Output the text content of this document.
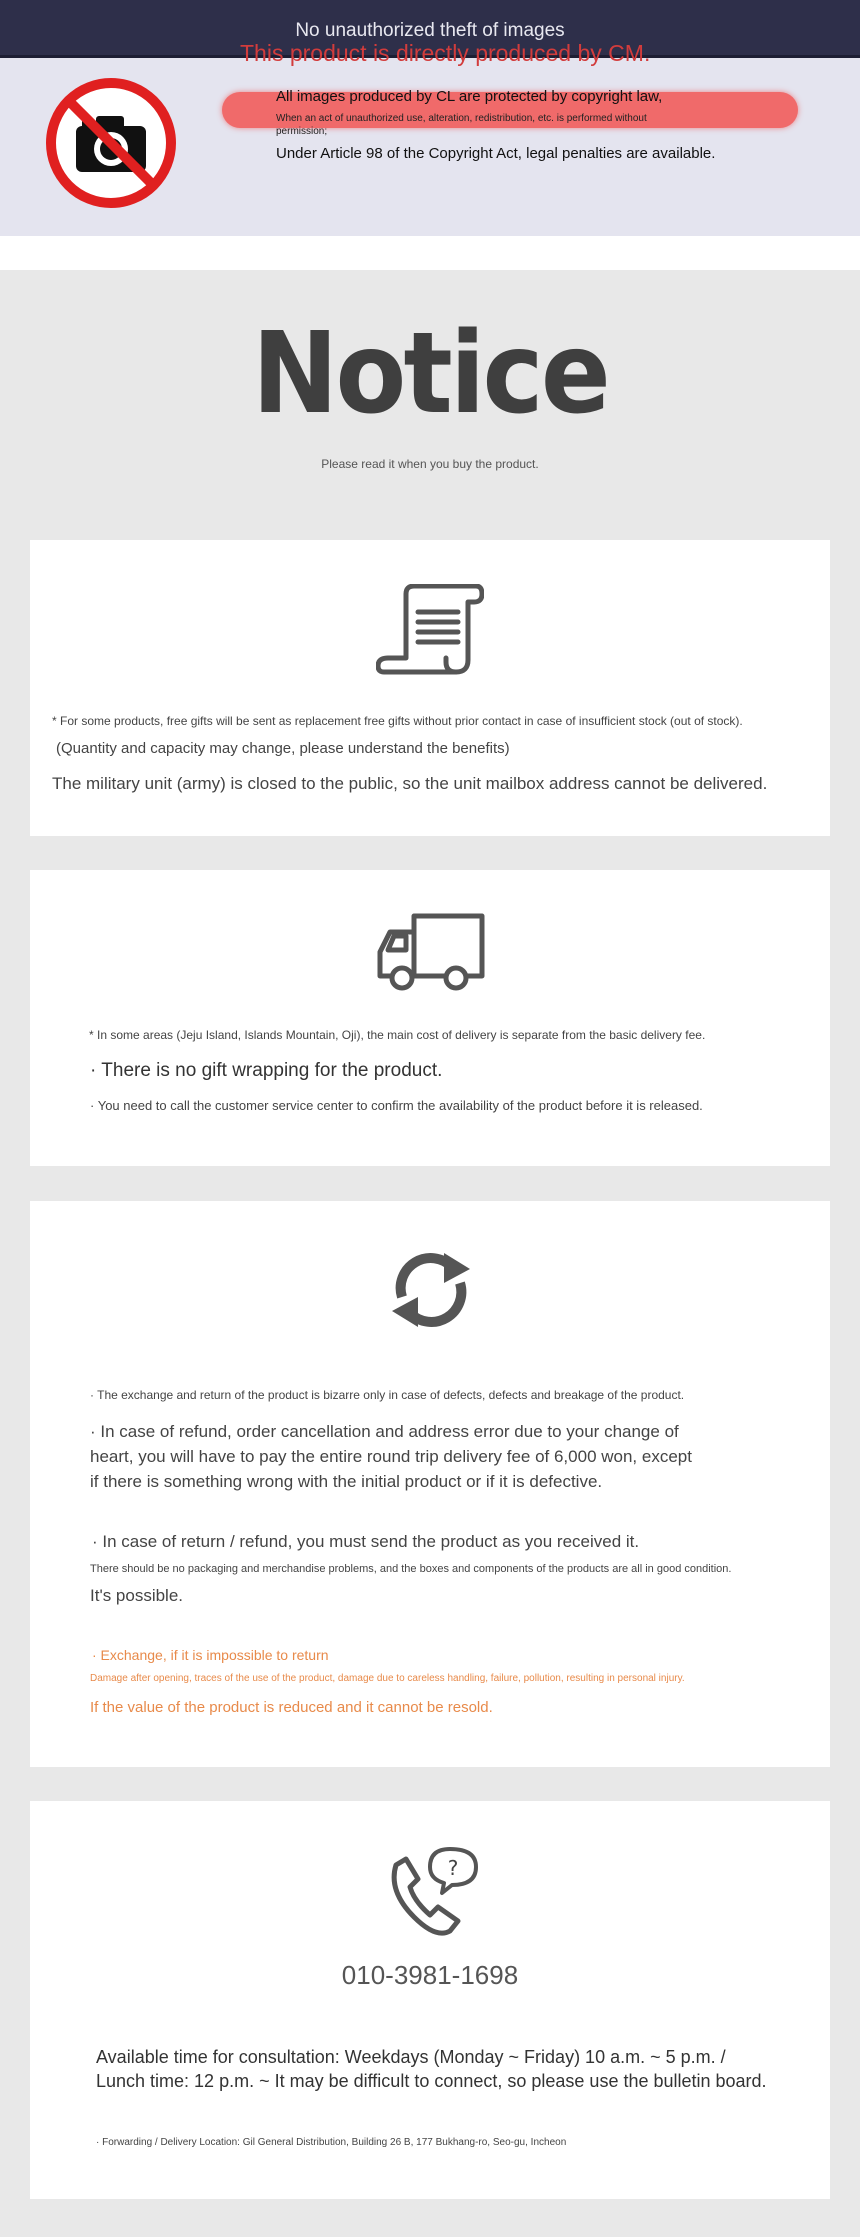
No unauthorized theft of images
This product is directly produced by CM.
All images produced by CL are protected by copyright law,
When an act of unauthorized use, alteration, redistribution, etc. is performed without permission;
Under Article 98 of the Copyright Act, legal penalties are available.
Notice
Please read it when you buy the product.
* For some products, free gifts will be sent as replacement free gifts without prior contact in case of insufficient stock (out of stock).
(Quantity and capacity may change, please understand the benefits)
The military unit (army) is closed to the public, so the unit mailbox address cannot be delivered.
* In some areas (Jeju Island, Islands Mountain, Oji), the main cost of delivery is separate from the basic delivery fee.
· There is no gift wrapping for the product.
· You need to call the customer service center to confirm the availability of the product before it is released.
· The exchange and return of the product is bizarre only in case of defects, defects and breakage of the product.
· In case of refund, order cancellation and address error due to your change of
heart, you will have to pay the entire round trip delivery fee of 6,000 won, except
if there is something wrong with the initial product or if it is defective.
· In case of return / refund, you must send the product as you received it.
There should be no packaging and merchandise problems, and the boxes and components of the products are all in good condition.
It's possible.
· Exchange, if it is impossible to return
Damage after opening, traces of the use of the product, damage due to careless handling, failure, pollution, resulting in personal injury.
If the value of the product is reduced and it cannot be resold.
?
010-3981-1698
Available time for consultation: Weekdays (Monday ~ Friday) 10 a.m. ~ 5 p.m. /
Lunch time: 12 p.m. ~ It may be difficult to connect, so please use the bulletin board.
· Forwarding / Delivery Location: Gil General Distribution, Building 26 B, 177 Bukhang-ro, Seo-gu, Incheon
